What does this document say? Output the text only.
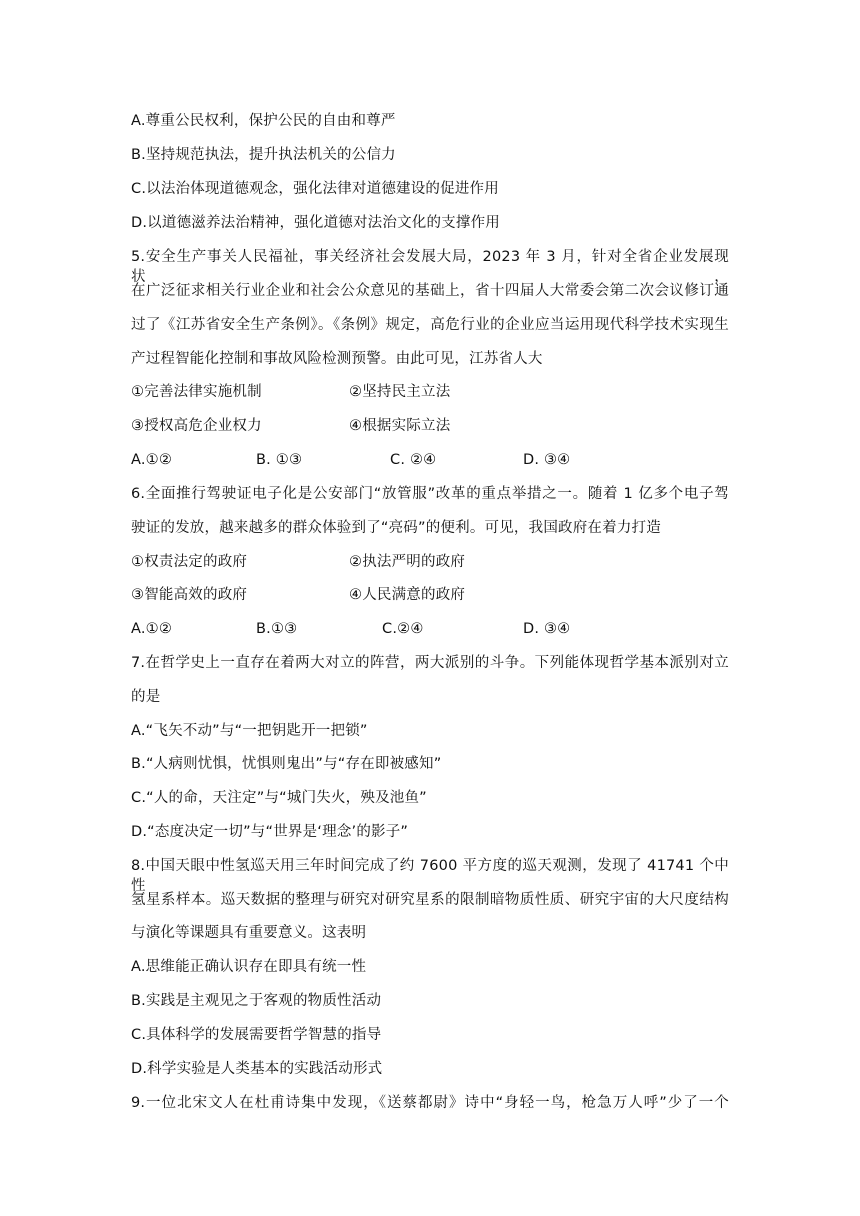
A.尊重公民权利，保护公民的自由和尊严
B.坚持规范执法，提升执法机关的公信力
C.以法治体现道德观念，强化法律对道德建设的促进作用
D.以道德滋养法治精神，强化道德对法治文化的支撑作用
5.安全生产事关人民福祉，事关经济社会发展大局，2023 年 3 月，针对全省企业发展现状，
在广泛征求相关行业企业和社会公众意见的基础上，省十四届人大常委会第二次会议修订通
过了《江苏省安全生产条例》。《条例》规定，高危行业的企业应当运用现代科学技术实现生
产过程智能化控制和事故风险检测预警。由此可见，江苏省人大
①完善法律实施机制	②坚持民主立法
③授权高危企业权力	④根据实际立法
A.①②	B. ①③	C. ②④	D. ③④
6.全面推行驾驶证电子化是公安部门“放管服”改革的重点举措之一。随着 1 亿多个电子驾
驶证的发放，越来越多的群众体验到了“亮码”的便利。可见，我国政府在着力打造
①权责法定的政府	②执法严明的政府
③智能高效的政府	④人民满意的政府
A.①②	B.①③	C.②④	D. ③④
7.在哲学史上一直存在着两大对立的阵营，两大派别的斗争。下列能体现哲学基本派别对立
的是
A.“飞矢不动”与“一把钥匙开一把锁”
B.“人病则忧惧，忧惧则鬼出”与“存在即被感知”
C.“人的命，天注定”与“城门失火，殃及池鱼”
D.“态度决定一切”与“世界是‘理念’的影子”
8.中国天眼中性氢巡天用三年时间完成了约 7600 平方度的巡天观测，发现了 41741 个中性
氢星系样本。巡天数据的整理与研究对研究星系的限制暗物质性质、研究宇宙的大尺度结构
与演化等课题具有重要意义。这表明
A.思维能正确认识存在即具有统一性
B.实践是主观见之于客观的物质性活动
C.具体科学的发展需要哲学智慧的指导
D.科学实验是人类基本的实践活动形式
9.一位北宋文人在杜甫诗集中发现，《送蔡都尉》诗中“身轻一鸟，枪急万人呼”少了一个
